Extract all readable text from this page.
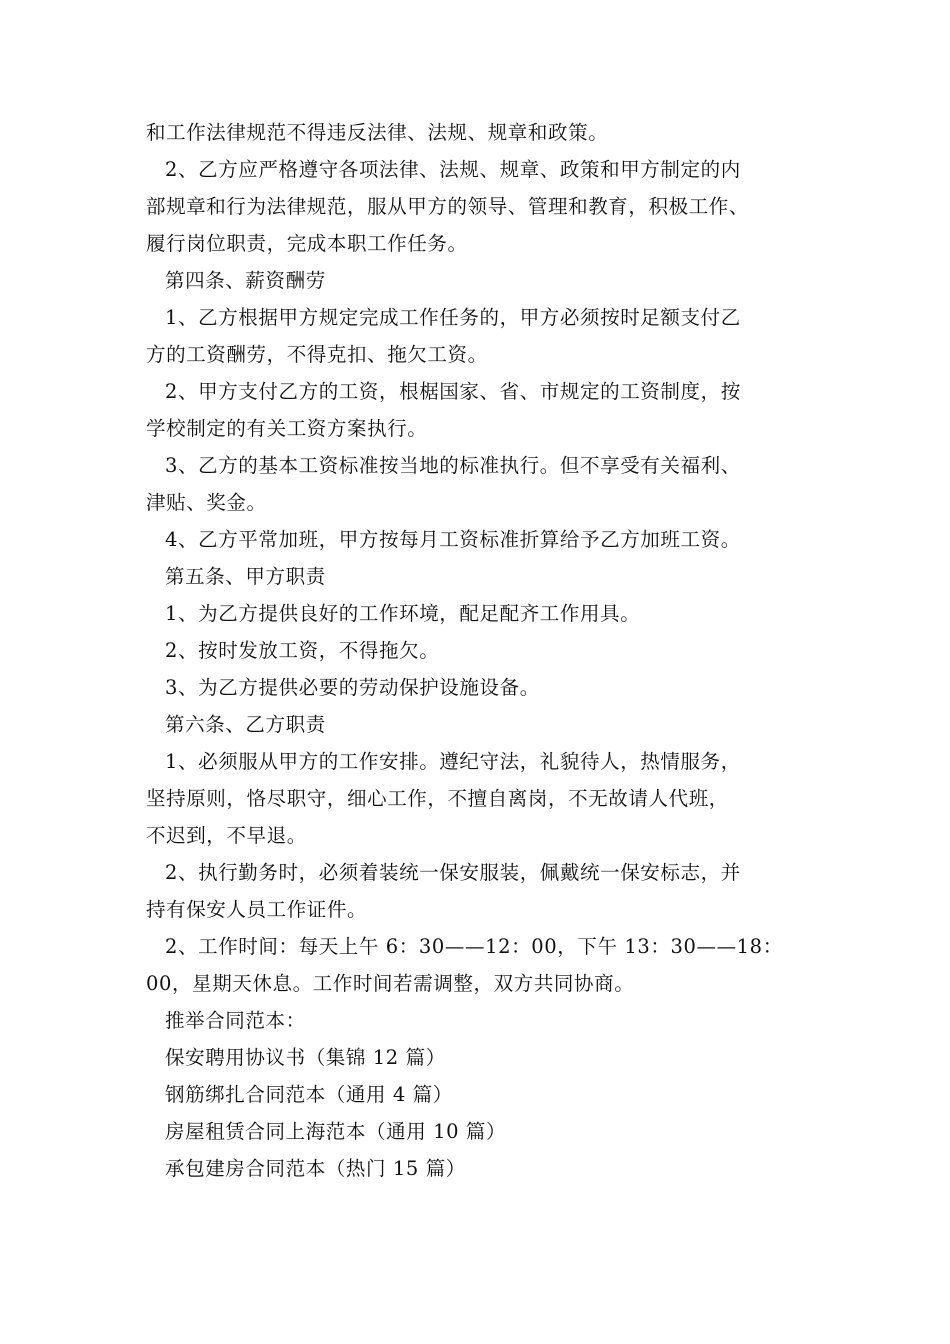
和工作法律规范不得违反法律、法规、规章和政策。
2、乙方应严格遵守各项法律、法规、规章、政策和甲方制定的内
部规章和行为法律规范，服从甲方的领导、管理和教育，积极工作、
履行岗位职责，完成本职工作任务。
第四条、薪资酬劳
1、乙方根据甲方规定完成工作任务的，甲方必须按时足额支付乙
方的工资酬劳，不得克扣、拖欠工资。
2、甲方支付乙方的工资，根椐国家、省、市规定的工资制度，按
学校制定的有关工资方案执行。
3、乙方的基本工资标准按当地的标准执行。但不享受有关福利、
津贴、奖金。
4、乙方平常加班，甲方按每月工资标准折算给予乙方加班工资。
第五条、甲方职责
1、为乙方提供良好的工作环境，配足配齐工作用具。
2、按时发放工资，不得拖欠。
3、为乙方提供必要的劳动保护设施设备。
第六条、乙方职责
1、必须服从甲方的工作安排。遵纪守法，礼貌待人，热情服务，
坚持原则，恪尽职守，细心工作，不擅自离岗，不无故请人代班，
不迟到，不早退。
2、执行勤务时，必须着装统一保安服装，佩戴统一保安标志，并
持有保安人员工作证件。
2、工作时间：每天上午 6：30——12：00，下午 13：30——18：
00，星期天休息。工作时间若需调整，双方共同协商。
推举合同范本：
保安聘用协议书（集锦 12 篇）
钢筋绑扎合同范本（通用 4 篇）
房屋租赁合同上海范本（通用 10 篇）
承包建房合同范本（热门 15 篇）
